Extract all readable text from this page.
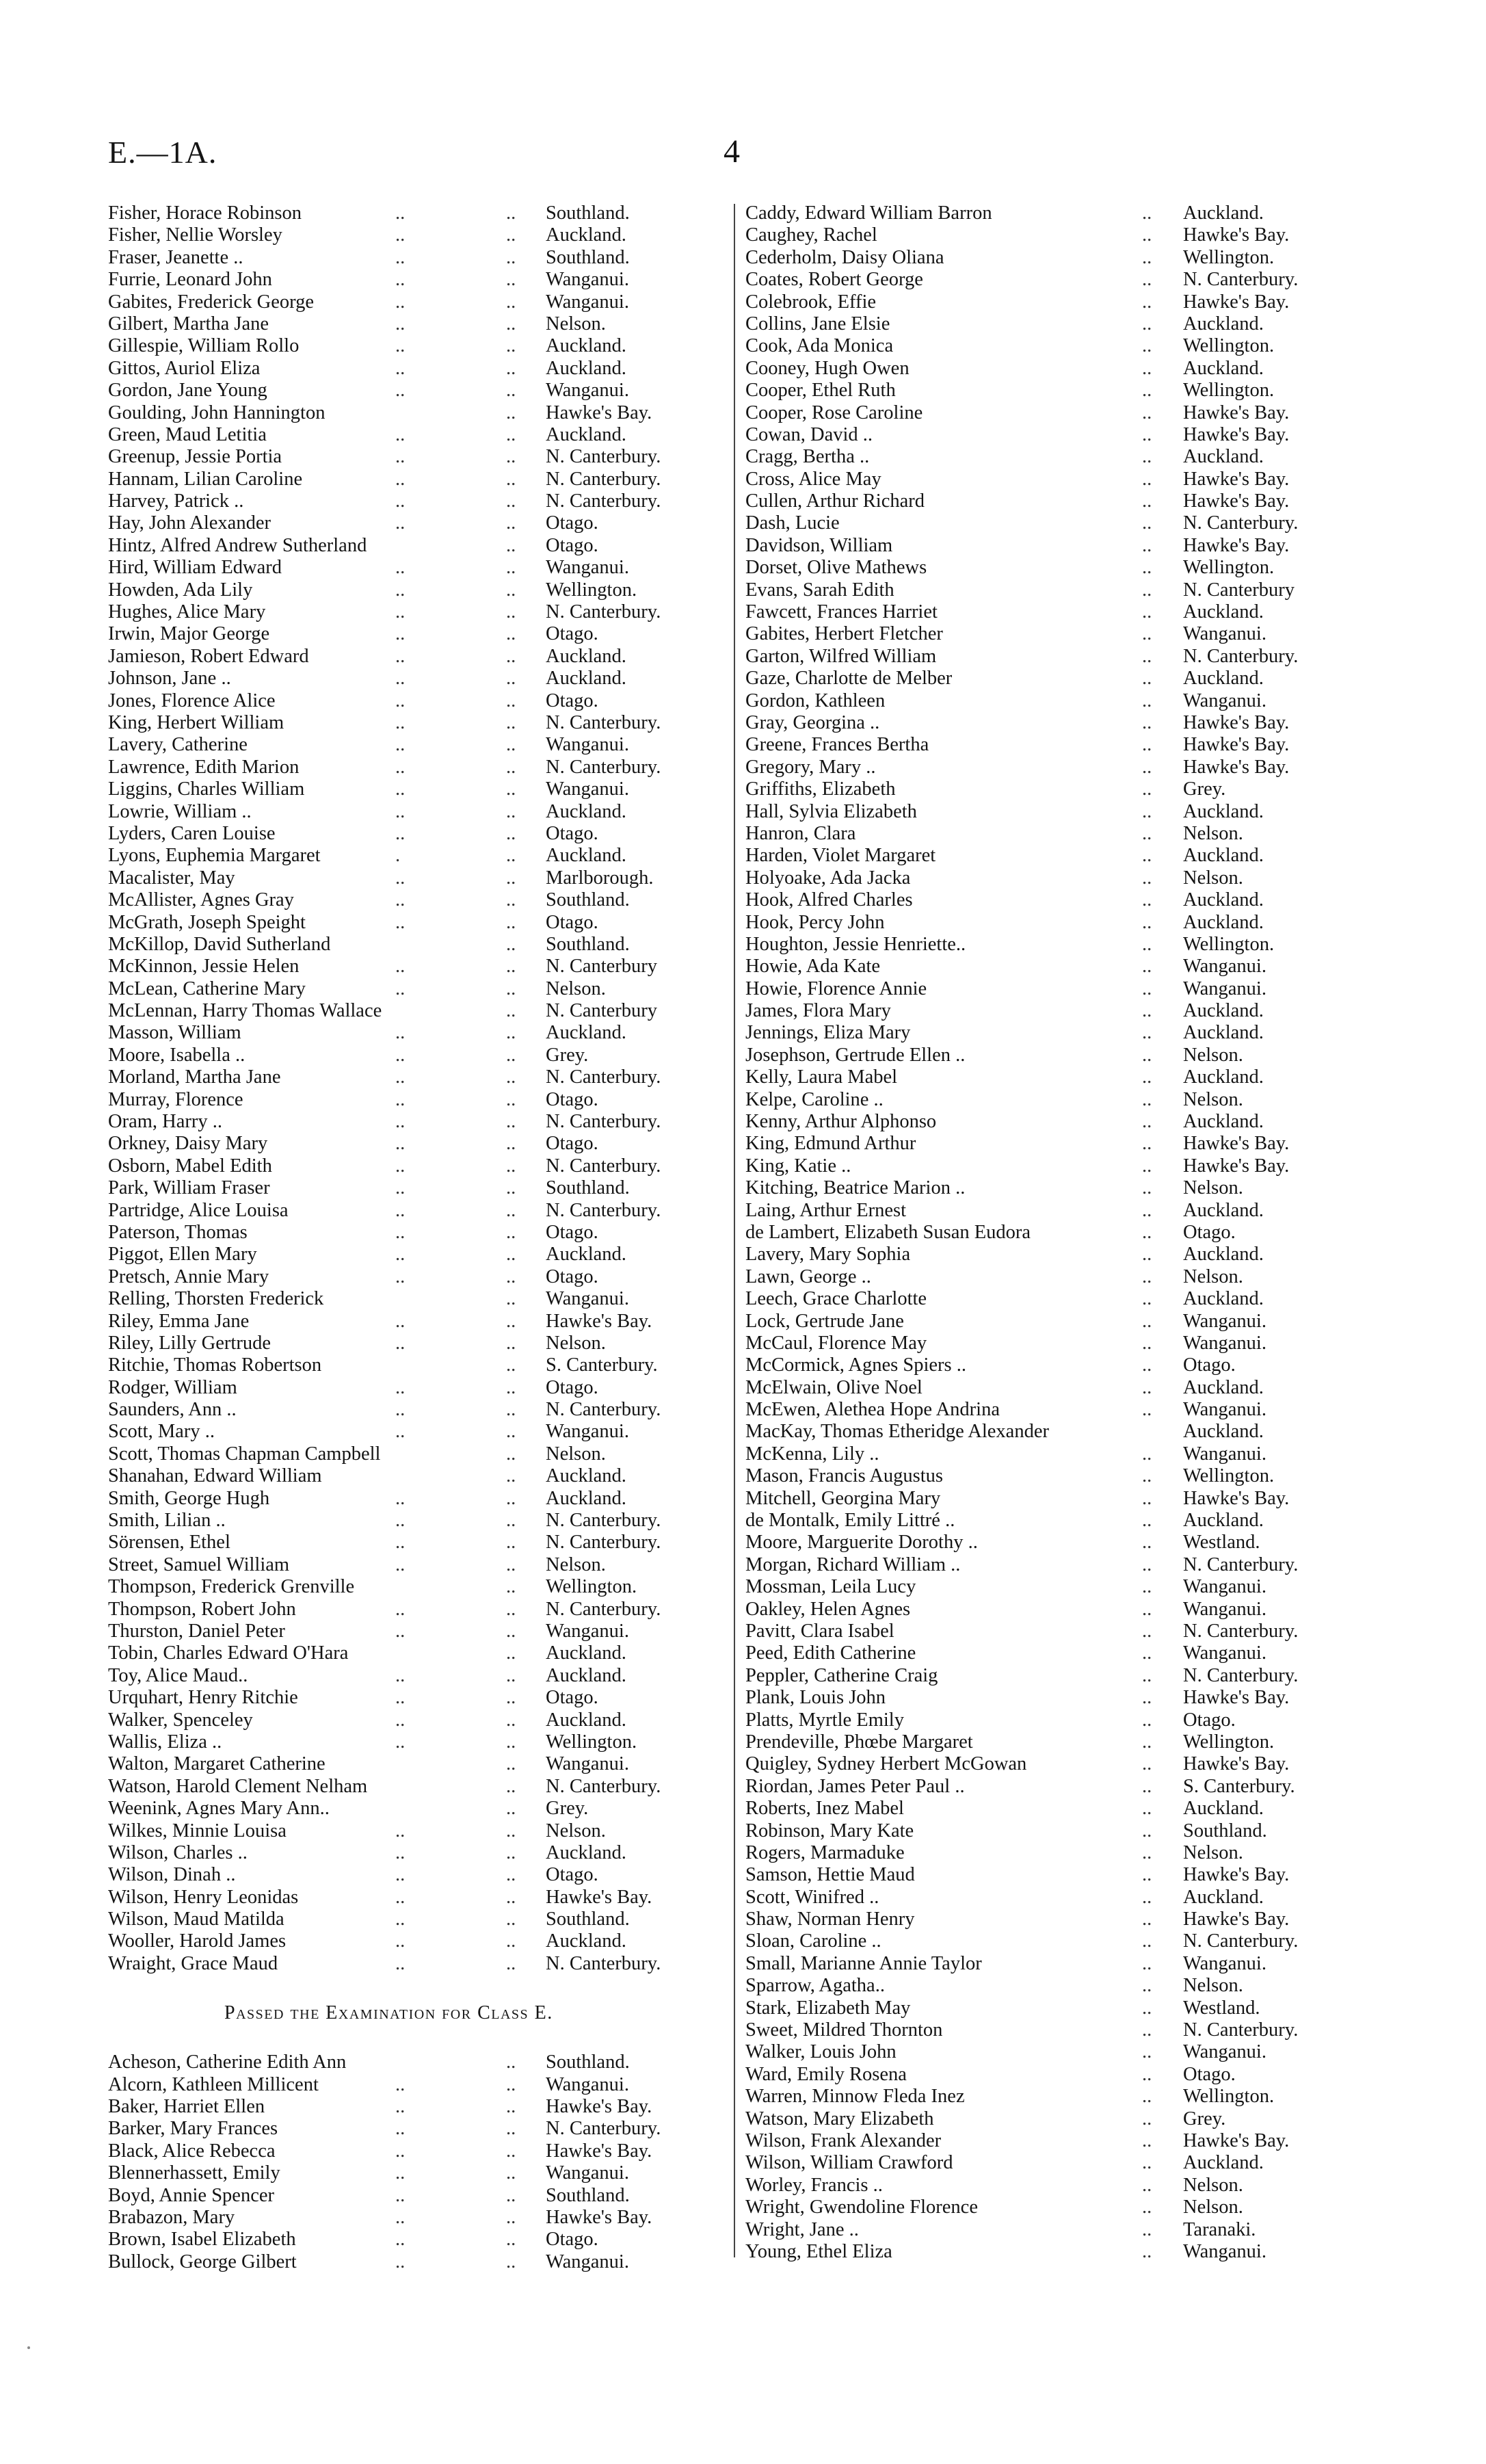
E.—1A.	4
Fisher, Horace Robinson	..	.. Southland.
Fisher, Nellie Worsley	..	.. Auckland.
Fraser, Jeanette ..	..	.. Southland.
Furrie, Leonard John	..	.. Wanganui.
Gabites, Frederick George	..	.. Wanganui.
Gilbert, Martha Jane	..	.. Nelson.
Gillespie, William Rollo	..	.. Auckland.
Gittos, Auriol Eliza	..	.. Auckland.
Gordon, Jane Young	..	.. Wanganui.
Goulding, John Hannington	.. Hawke's Bay.
Green, Maud Letitia	..	.. Auckland.
Greenup, Jessie Portia	..	.. N. Canterbury.
Hannam, Lilian Caroline	..	.. N. Canterbury.
Harvey, Patrick ..	..	.. N. Canterbury.
Hay, John Alexander	..	.. Otago.
Hintz, Alfred Andrew Sutherland	.. Otago.
Hird, William Edward	..	.. Wanganui.
Howden, Ada Lily	..	.. Wellington.
Hughes, Alice Mary	..	.. N. Canterbury.
Irwin, Major George	..	.. Otago.
Jamieson, Robert Edward	..	.. Auckland.
Johnson, Jane ..	..	.. Auckland.
Jones, Florence Alice	..	.. Otago.
King, Herbert William	..	.. N. Canterbury.
Lavery, Catherine	..	.. Wanganui.
Lawrence, Edith Marion	..	.. N. Canterbury.
Liggins, Charles William	..	.. Wanganui.
Lowrie, William ..	..	.. Auckland.
Lyders, Caren Louise	..	.. Otago.
Lyons, Euphemia Margaret	.	.. Auckland.
Macalister, May	..	.. Marlborough.
McAllister, Agnes Gray	..	.. Southland.
McGrath, Joseph Speight	..	.. Otago.
McKillop, David Sutherland	.. Southland.
McKinnon, Jessie Helen	..	.. N. Canterbury
McLean, Catherine Mary	..	.. Nelson.
McLennan, Harry Thomas Wallace	.. N. Canterbury
Masson, William	..	.. Auckland.
Moore, Isabella ..	..	.. Grey.
Morland, Martha Jane	..	.. N. Canterbury.
Murray, Florence	..	.. Otago.
Oram, Harry ..	..	.. N. Canterbury.
Orkney, Daisy Mary	..	.. Otago.
Osborn, Mabel Edith	..	.. N. Canterbury.
Park, William Fraser	..	.. Southland.
Partridge, Alice Louisa	..	.. N. Canterbury.
Paterson, Thomas	..	.. Otago.
Piggot, Ellen Mary	..	.. Auckland.
Pretsch, Annie Mary	..	.. Otago.
Relling, Thorsten Frederick	.. Wanganui.
Riley, Emma Jane	..	.. Hawke's Bay.
Riley, Lilly Gertrude	..	.. Nelson.
Ritchie, Thomas Robertson	.. S. Canterbury.
Rodger, William	..	.. Otago.
Saunders, Ann ..	..	.. N. Canterbury.
Scott, Mary ..	..	.. Wanganui.
Scott, Thomas Chapman Campbell	.. Nelson.
Shanahan, Edward William	.. Auckland.
Smith, George Hugh	..	.. Auckland.
Smith, Lilian ..	..	.. N. Canterbury.
Sörensen, Ethel	..	.. N. Canterbury.
Street, Samuel William	..	.. Nelson.
Thompson, Frederick Grenville	.. Wellington.
Thompson, Robert John	..	.. N. Canterbury.
Thurston, Daniel Peter	..	.. Wanganui.
Tobin, Charles Edward O'Hara	.. Auckland.
Toy, Alice Maud..	..	.. Auckland.
Urquhart, Henry Ritchie	..	.. Otago.
Walker, Spenceley	..	.. Auckland.
Wallis, Eliza ..	..	.. Wellington.
Walton, Margaret Catherine	.. Wanganui.
Watson, Harold Clement Nelham	.. N. Canterbury.
Weenink, Agnes Mary Ann..	.. Grey.
Wilkes, Minnie Louisa	..	.. Nelson.
Wilson, Charles ..	..	.. Auckland.
Wilson, Dinah ..	..	.. Otago.
Wilson, Henry Leonidas	..	.. Hawke's Bay.
Wilson, Maud Matilda	..	.. Southland.
Wooller, Harold James	..	.. Auckland.
Wraight, Grace Maud	..	.. N. Canterbury.
Passed the Examination for Class E.
Acheson, Catherine Edith Ann	.. Southland.
Alcorn, Kathleen Millicent	..	.. Wanganui.
Baker, Harriet Ellen	..	.. Hawke's Bay.
Barker, Mary Frances	..	.. N. Canterbury.
Black, Alice Rebecca	..	.. Hawke's Bay.
Blennerhassett, Emily	..	.. Wanganui.
Boyd, Annie Spencer	..	.. Southland.
Brabazon, Mary	..	.. Hawke's Bay.
Brown, Isabel Elizabeth	..	.. Otago.
Bullock, George Gilbert	..	.. Wanganui.
Caddy, Edward William Barron	.. Auckland.
Caughey, Rachel	.. Hawke's Bay.
Cederholm, Daisy Oliana	.. Wellington.
Coates, Robert George	.. N. Canterbury.
Colebrook, Effie	.. Hawke's Bay.
Collins, Jane Elsie	.. Auckland.
Cook, Ada Monica	.. Wellington.
Cooney, Hugh Owen	.. Auckland.
Cooper, Ethel Ruth	.. Wellington.
Cooper, Rose Caroline	.. Hawke's Bay.
Cowan, David ..	.. Hawke's Bay.
Cragg, Bertha ..	.. Auckland.
Cross, Alice May	.. Hawke's Bay.
Cullen, Arthur Richard	.. Hawke's Bay.
Dash, Lucie	.. N. Canterbury.
Davidson, William	.. Hawke's Bay.
Dorset, Olive Mathews	.. Wellington.
Evans, Sarah Edith	.. N. Canterbury
Fawcett, Frances Harriet	.. Auckland.
Gabites, Herbert Fletcher	.. Wanganui.
Garton, Wilfred William	.. N. Canterbury.
Gaze, Charlotte de Melber	.. Auckland.
Gordon, Kathleen	.. Wanganui.
Gray, Georgina ..	.. Hawke's Bay.
Greene, Frances Bertha	.. Hawke's Bay.
Gregory, Mary ..	.. Hawke's Bay.
Griffiths, Elizabeth	.. Grey.
Hall, Sylvia Elizabeth	.. Auckland.
Hanron, Clara	.. Nelson.
Harden, Violet Margaret	.. Auckland.
Holyoake, Ada Jacka	.. Nelson.
Hook, Alfred Charles	.. Auckland.
Hook, Percy John	.. Auckland.
Houghton, Jessie Henriette..	.. Wellington.
Howie, Ada Kate	.. Wanganui.
Howie, Florence Annie	.. Wanganui.
James, Flora Mary	.. Auckland.
Jennings, Eliza Mary	.. Auckland.
Josephson, Gertrude Ellen ..	.. Nelson.
Kelly, Laura Mabel	.. Auckland.
Kelpe, Caroline ..	.. Nelson.
Kenny, Arthur Alphonso	.. Auckland.
King, Edmund Arthur	.. Hawke's Bay.
King, Katie ..	.. Hawke's Bay.
Kitching, Beatrice Marion ..	.. Nelson.
Laing, Arthur Ernest	.. Auckland.
de Lambert, Elizabeth Susan Eudora	.. Otago.
Lavery, Mary Sophia	.. Auckland.
Lawn, George ..	.. Nelson.
Leech, Grace Charlotte	.. Auckland.
Lock, Gertrude Jane	.. Wanganui.
McCaul, Florence May	.. Wanganui.
McCormick, Agnes Spiers ..	.. Otago.
McElwain, Olive Noel	.. Auckland.
McEwen, Alethea Hope Andrina	.. Wanganui.
MacKay, Thomas Etheridge Alexander	Auckland.
McKenna, Lily ..	.. Wanganui.
Mason, Francis Augustus	.. Wellington.
Mitchell, Georgina Mary	.. Hawke's Bay.
de Montalk, Emily Littré ..	.. Auckland.
Moore, Marguerite Dorothy ..	.. Westland.
Morgan, Richard William ..	.. N. Canterbury.
Mossman, Leila Lucy	.. Wanganui.
Oakley, Helen Agnes	.. Wanganui.
Pavitt, Clara Isabel	.. N. Canterbury.
Peed, Edith Catherine	.. Wanganui.
Peppler, Catherine Craig	.. N. Canterbury.
Plank, Louis John	.. Hawke's Bay.
Platts, Myrtle Emily	.. Otago.
Prendeville, Phœbe Margaret	.. Wellington.
Quigley, Sydney Herbert McGowan	.. Hawke's Bay.
Riordan, James Peter Paul ..	.. S. Canterbury.
Roberts, Inez Mabel	.. Auckland.
Robinson, Mary Kate	.. Southland.
Rogers, Marmaduke	.. Nelson.
Samson, Hettie Maud	.. Hawke's Bay.
Scott, Winifred ..	.. Auckland.
Shaw, Norman Henry	.. Hawke's Bay.
Sloan, Caroline ..	.. N. Canterbury.
Small, Marianne Annie Taylor	.. Wanganui.
Sparrow, Agatha..	.. Nelson.
Stark, Elizabeth May	.. Westland.
Sweet, Mildred Thornton	.. N. Canterbury.
Walker, Louis John	.. Wanganui.
Ward, Emily Rosena	.. Otago.
Warren, Minnow Fleda Inez	.. Wellington.
Watson, Mary Elizabeth	.. Grey.
Wilson, Frank Alexander	.. Hawke's Bay.
Wilson, William Crawford	.. Auckland.
Worley, Francis ..	.. Nelson.
Wright, Gwendoline Florence	.. Nelson.
Wright, Jane ..	.. Taranaki.
Young, Ethel Eliza	.. Wanganui.
